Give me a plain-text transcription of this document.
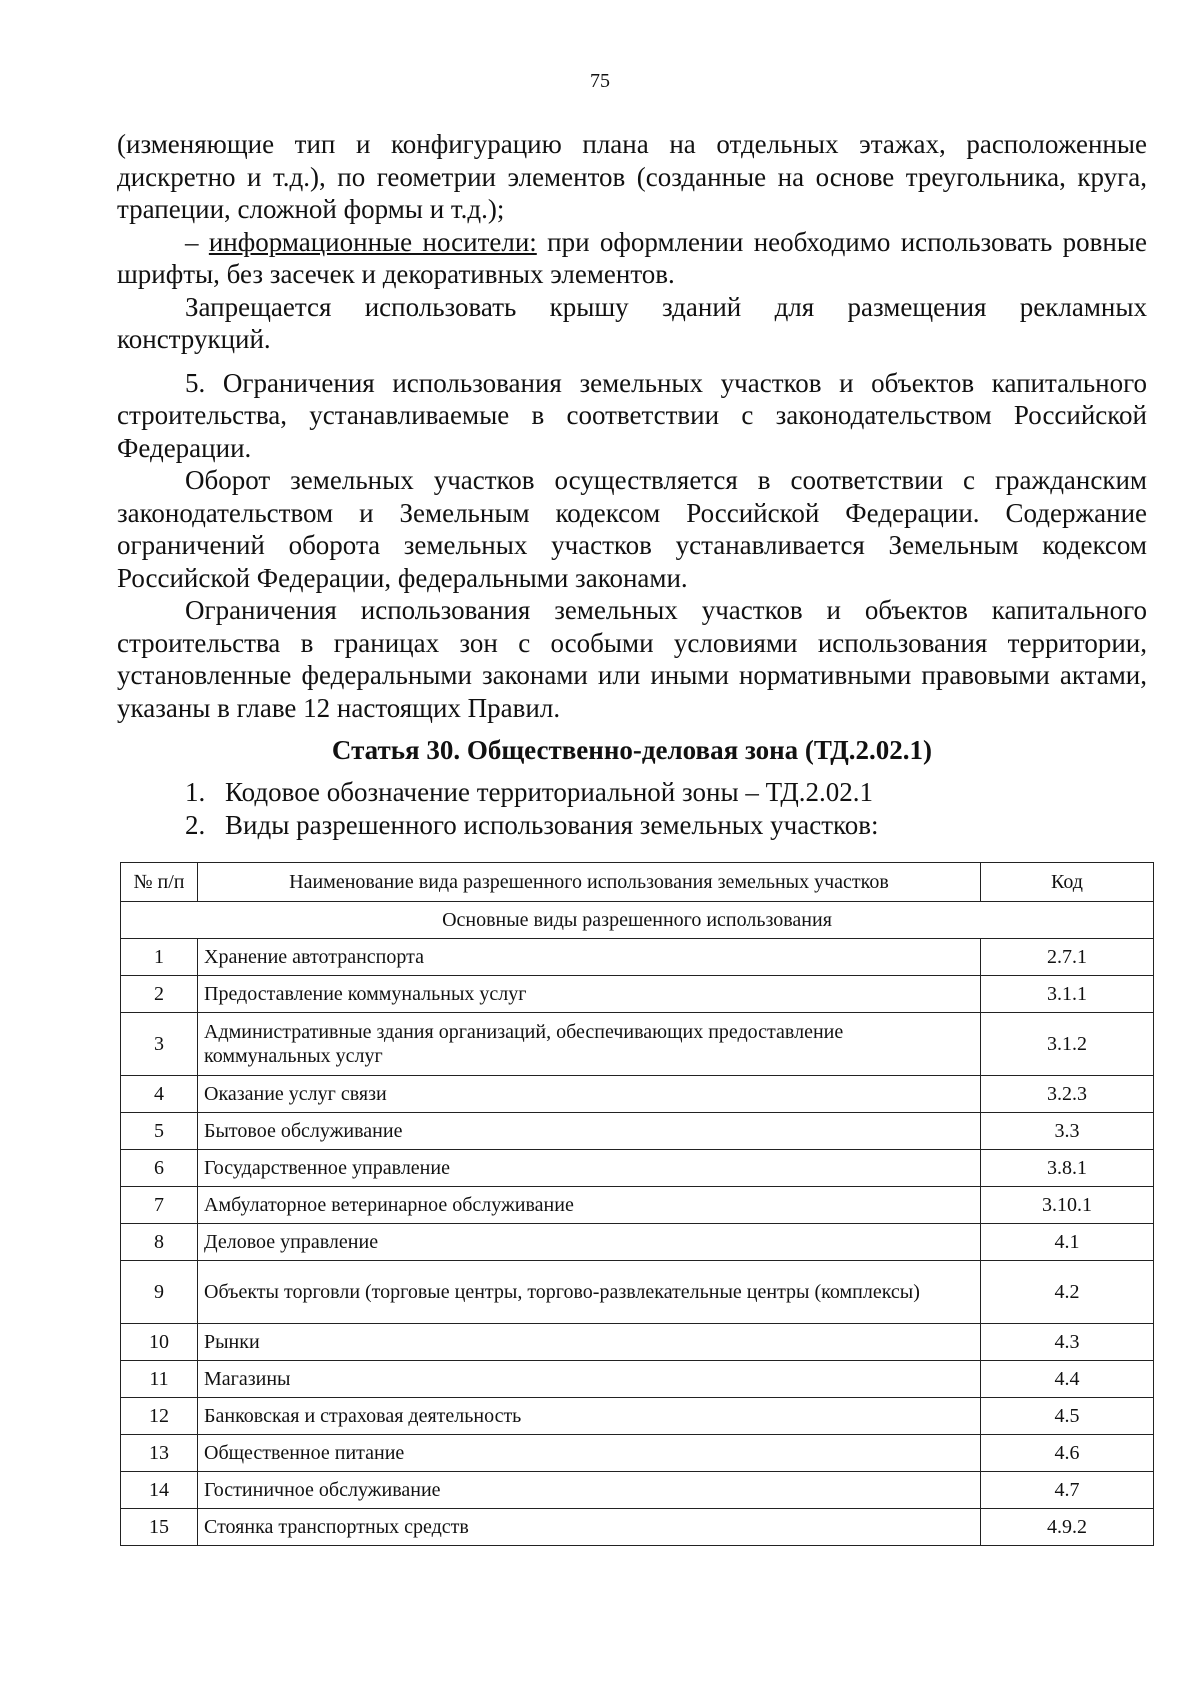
75

(изменяющие тип и конфигурацию плана на отдельных этажах, расположенные дискретно и т.д.), по геометрии элементов (созданные на основе треугольника, круга, трапеции, сложной формы и т.д.);

– информационные носители: при оформлении необходимо использовать ровные шрифты, без засечек и декоративных элементов.

Запрещается использовать крышу зданий для размещения рекламных конструкций.

5. Ограничения использования земельных участков и объектов капитального строительства, устанавливаемые в соответствии с законодательством Российской Федерации.

Оборот земельных участков осуществляется в соответствии с гражданским законодательством и Земельным кодексом Российской Федерации. Содержание ограничений оборота земельных участков устанавливается Земельным кодексом Российской Федерации, федеральными законами.

Ограничения использования земельных участков и объектов капитального строительства в границах зон с особыми условиями использования территории, установленные федеральными законами или иными нормативными правовыми актами, указаны в главе 12 настоящих Правил.

Статья 30. Общественно-деловая зона (ТД.2.02.1)
1. Кодовое обозначение территориальной зоны – ТД.2.02.1
2. Виды разрешенного использования земельных участков:
№ п/п	Наименование вида разрешенного использования земельных участков	Код
Основные виды разрешенного использования		
1	Хранение автотранспорта	2.7.1
2	Предоставление коммунальных услуг	3.1.1
3	Административные здания организаций, обеспечивающих предоставление коммунальных услуг	3.1.2
4	Оказание услуг связи	3.2.3
5	Бытовое обслуживание	3.3
6	Государственное управление	3.8.1
7	Амбулаторное ветеринарное обслуживание	3.10.1
8	Деловое управление	4.1
9	Объекты торговли (торговые центры, торгово-развлекательные центры (комплексы)	4.2
10	Рынки	4.3
11	Магазины	4.4
12	Банковская и страховая деятельность	4.5
13	Общественное питание	4.6
14	Гостиничное обслуживание	4.7
15	Стоянка транспортных средств	4.9.2
